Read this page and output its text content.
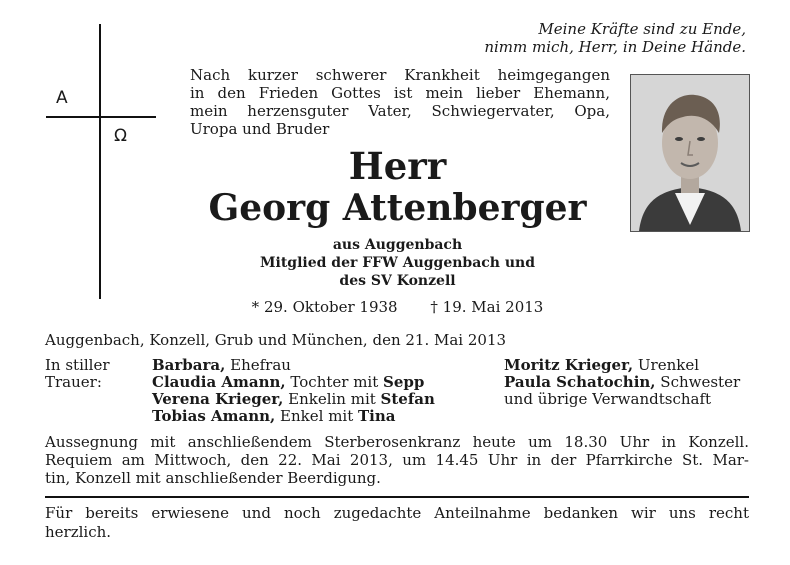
Meine Kräfte sind zu Ende,
nimm mich, Herr, in Deine Hände.
A
Ω
Nach kurzer schwerer Krankheit heimgegangen
in den Frieden Gottes ist mein lieber Ehemann,
mein herzensguter Vater, Schwiegervater, Opa,
Uropa und Bruder
Herr
Georg Attenberger
aus Auggenbach
Mitglied der FFW Auggenbach und
des SV Konzell
* 29. Oktober 1938 † 19. Mai 2013
Auggenbach, Konzell, Grub und München, den 21. Mai 2013
In stiller
Trauer:
Barbara, Ehefrau
Claudia Amann, Tochter mit Sepp
Verena Krieger, Enkelin mit Stefan
Tobias Amann, Enkel mit Tina
Moritz Krieger, Urenkel
Paula Schatochin, Schwester
und übrige Verwandtschaft
Aussegnung mit anschließendem Sterberosenkranz heute um 18.30 Uhr in Konzell.
Requiem am Mittwoch, den 22. Mai 2013, um 14.45 Uhr in der Pfarrkirche St. Mar-
tin, Konzell mit anschließender Beerdigung.
Für bereits erwiesene und noch zugedachte Anteilnahme bedanken wir uns recht
herzlich.
